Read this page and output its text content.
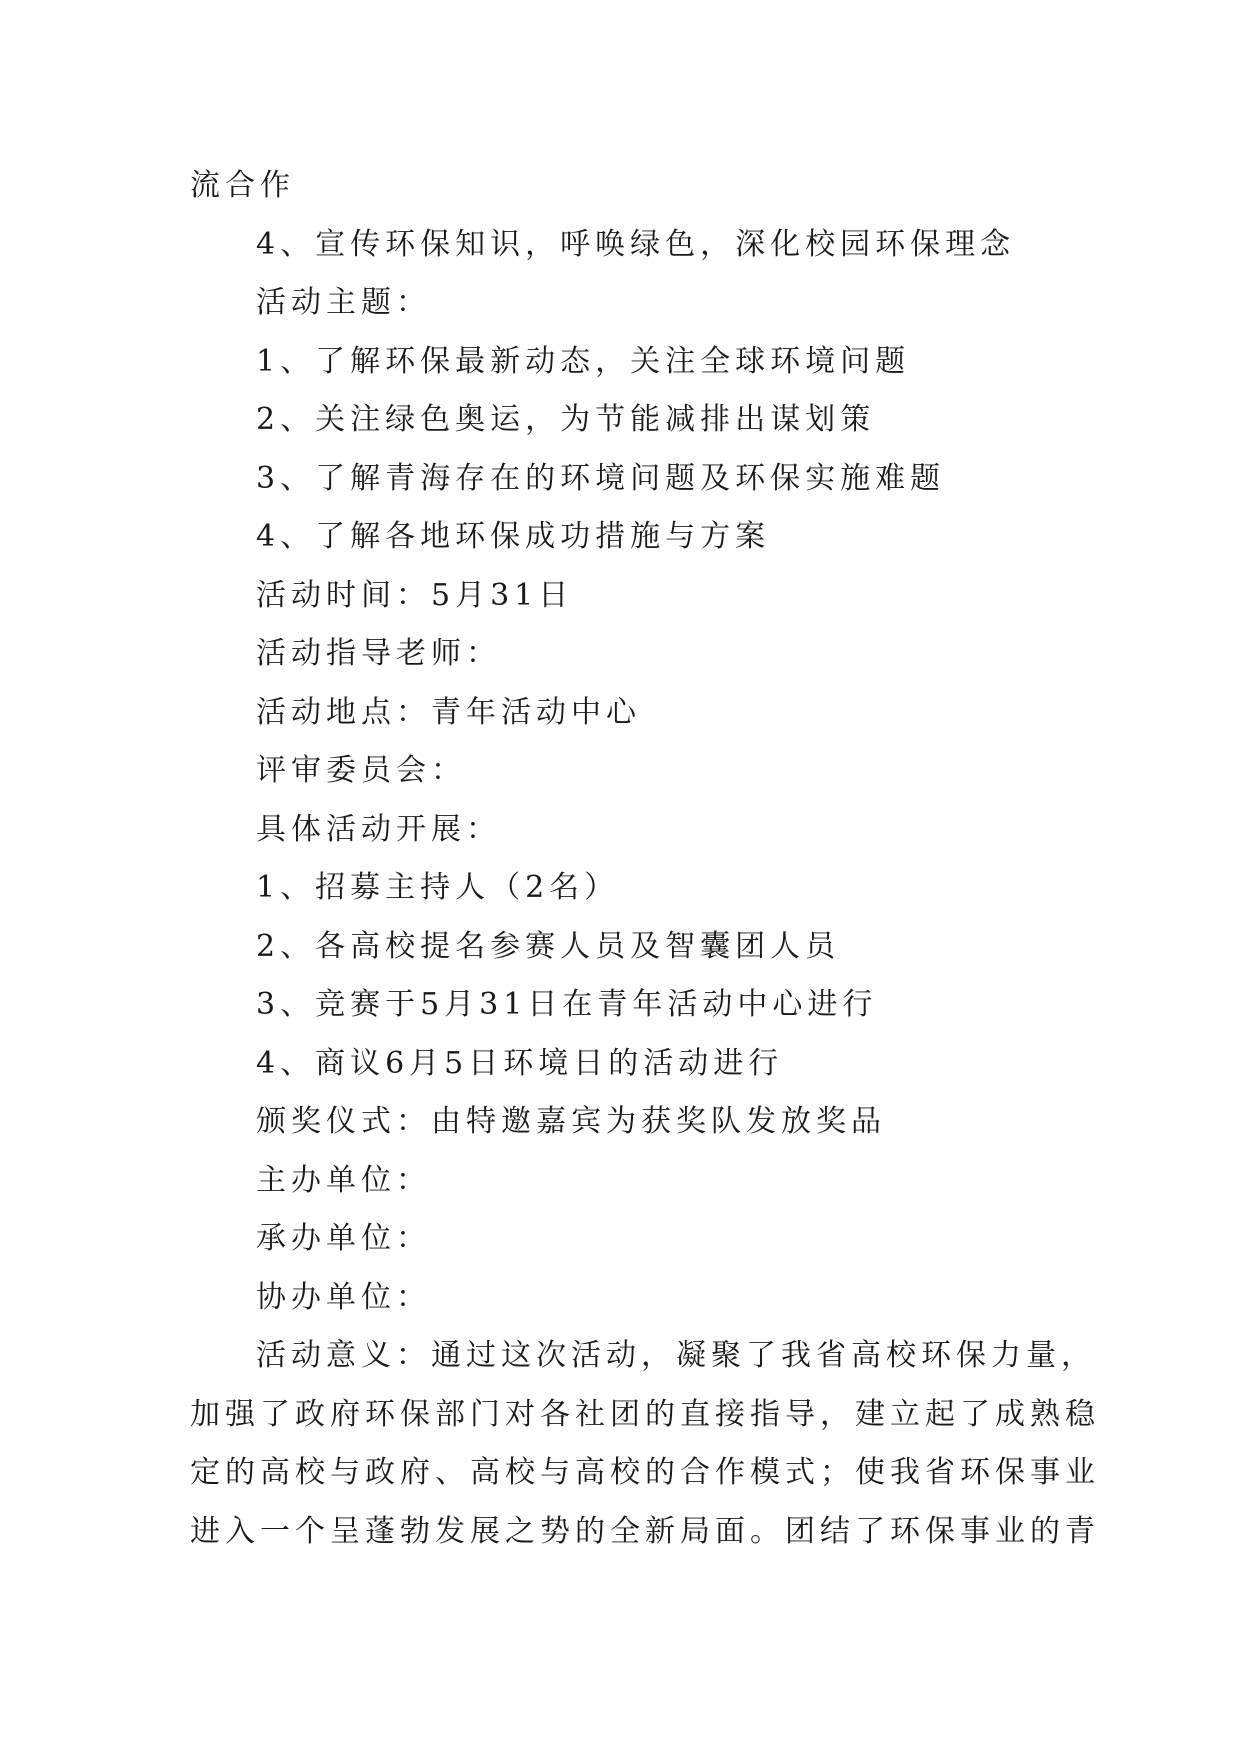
流合作
4、宣传环保知识，呼唤绿色，深化校园环保理念
活动主题：
1、了解环保最新动态，关注全球环境问题
2、关注绿色奥运，为节能减排出谋划策
3、了解青海存在的环境问题及环保实施难题
4、了解各地环保成功措施与方案
活动时间：5月31日
活动指导老师：
活动地点：青年活动中心
评审委员会：
具体活动开展：
1、招募主持人（2名）
2、各高校提名参赛人员及智囊团人员
3、竞赛于5月31日在青年活动中心进行
4、商议6月5日环境日的活动进行
颁奖仪式：由特邀嘉宾为获奖队发放奖品
主办单位：
承办单位：
协办单位：
活动意义：通过这次活动，凝聚了我省高校环保力量，
加强了政府环保部门对各社团的直接指导，建立起了成熟稳
定的高校与政府、高校与高校的合作模式；使我省环保事业
进入一个呈蓬勃发展之势的全新局面。团结了环保事业的青
